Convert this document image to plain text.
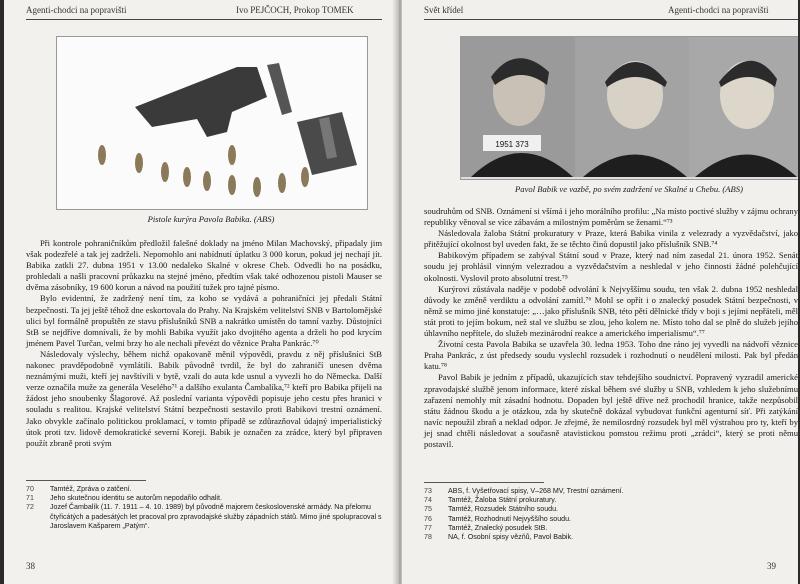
Agenti-chodci na popravišti	Ivo PEJČOCH, Prokop TOMEK
Pistole kurýra Pavola Babika. (ABS)

Při kontrole pohraničníkům předložil falešné doklady na jméno Milan Machovský, připadaly jim však podezřelé a tak jej zadrželi. Nepomohlo ani nabídnutí úplatku 3 000 korun, pokud jej nechají jít. Babika zatkli 27. dubna 1951 v 13.00 nedaleko Skalné v okrese Cheb. Odvedli ho na posádku, prohledali a našli pracovní průkazku na stejné jméno, předtím však také odhozenou pistoli Mauser se dvěma zásobníky, 19 600 korun a návod na použití tužek pro tajné písmo.

Bylo evidentní, že zadržený není tím, za koho se vydává a pohraničníci jej předali Státní bezpečnosti. Ta jej ještě téhož dne eskortovala do Prahy. Na Krajském velitelství SNB v Bartolomějské ulici byl formálně propuštěn ze stavu příslušníků SNB a nakrátko umístěn do tamní vazby. Důstojníci StB se nejdříve domnívali, že by mohli Babika využít jako dvojitého agenta a drželi ho pod krycím jménem Pavel Turčan, velmi brzy ho ale nechali převézt do věznice Praha Pankrác.⁷⁰

Následovaly výslechy, během nichž opakovaně měnil výpovědi, pravdu z něj příslušníci StB nakonec pravděpodobně vymlátili. Babik původně tvrdil, že byl do zahraničí unesen dvěma neznámými muži, kteří jej navštívili v bytě, vzali do auta kde usnul a vyvezli ho do Německa. Další verze označila muže za generála Veselého⁷¹ a dalšího exulanta Čambalíka,⁷² kteří pro Babika přijeli na žádost jeho snoubenky Šlagorové. Až poslední varianta výpovědi popisuje jeho cestu přes hranici v souladu s realitou. Krajské velitelství Státní bezpečnosti sestavilo proti Babikovi trestní oznámení. Jako obvykle začínalo politickou proklamací, v tomto případě se zdůrazňoval údajný imperialistický útok proti tzv. lidově demokratické severní Koreji. Babik je označen za zrádce, který byl připraven použít zbraně proti svým

70	Tamtéž, Zpráva o zatčení.
71	Jeho skutečnou identitu se autorům nepodařilo odhalit.
72	Jozef Čambalík (11. 7. 1911 – 4. 10. 1989) byl původně majorem československé armády. Na přelomu čtyřicátých a padesátých let pracoval pro zpravodajské služby západních států. Mimo jiné spolupracoval s Jaroslavem Kašparem „Patým“.
38
Svět křídel	Agenti-chodci na popravišti
1951 373
Pavol Babik ve vazbě, po svém zadržení ve Skalné u Chebu. (ABS)

soudruhům od SNB. Oznámení si všímá i jeho morálního profilu: „Na místo poctivé služby v zájmu ochrany republiky věnoval se více zábavám a milostným poměrům se ženami.“⁷³

Následovala žaloba Státní prokuratury v Praze, která Babika vinila z velezrady a vyzvědačství, jako přitěžující okolnost byl uveden fakt, že se těchto činů dopustil jako příslušník SNB.⁷⁴

Babikovým případem se zabýval Státní soud v Praze, který nad ním zasedal 21. února 1952. Senát soudu jej prohlásil vinným velezradou a vyzvědačstvím a neshledal v jeho činnosti žádné polehčující okolnosti. Vyslovil proto absolutní trest.⁷⁵

Kurýrovi zůstávala naděje v podobě odvolání k Nejvyššímu soudu, ten však 2. dubna 1952 neshledal důvody ke změně verdiktu a odvolání zamítl.⁷⁶ Mohl se opřít i o znalecký posudek Státní bezpečnosti, v němž se mimo jiné konstatuje: „…jako příslušník SNB, této pětí dělnické třídy v boji s jejími nepřáteli, měl stát proti to jejím bokum, než stal ve službu se zlou, jeho kolem ne. Místo toho dal se plně do služeb jejího úhlavního nepřítele, do služeb mezinárodní reakce a amerického imperialismu“.⁷⁷

Životní cesta Pavola Babika se uzavřela 30. ledna 1953. Toho dne ráno jej vyvedli na nádvoří věznice Praha Pankrác, z úst předsedy soudu vyslechl rozsudek i rozhodnutí o neudělení milosti. Pak byl předán katu.⁷⁸

Pavol Babik je jedním z případů, ukazujících stav tehdejšího soudnictví. Popravený vyzradil americké zpravodajské službě jenom informace, které získal během své služby u SNB, vzhledem k jeho služebnímu zařazení nemohly mít zásadní hodnotu. Dopaden byl ještě dříve než prochodil hranice, takže nezpůsobil státu žádnou škodu a je otázkou, zda by skutečně dokázal vybudovat funkční agenturní síť. Při zatýkání navíc nepoužil zbraň a neklad odpor. Je zřejmé, že nemilosrdný rozsudek byl měl výstrahou pro ty, kteří by jej snad chtěli následovat a současně atavistickou pomstou režimu proti „zrádci“, který se proti němu postavil.

73	ABS, f. Vyšetřovací spisy, V–268 MV, Trestní oznámení.
74	Tamtéž, Žaloba Státní prokuratury.
75	Tamtéž, Rozsudek Státního soudu.
76	Tamtéž, Rozhodnutí Nejvyššího soudu.
77	Tamtéž, Znalecký posudek StB.
78	NA, f. Osobní spisy vězňů, Pavol Babik.
39
